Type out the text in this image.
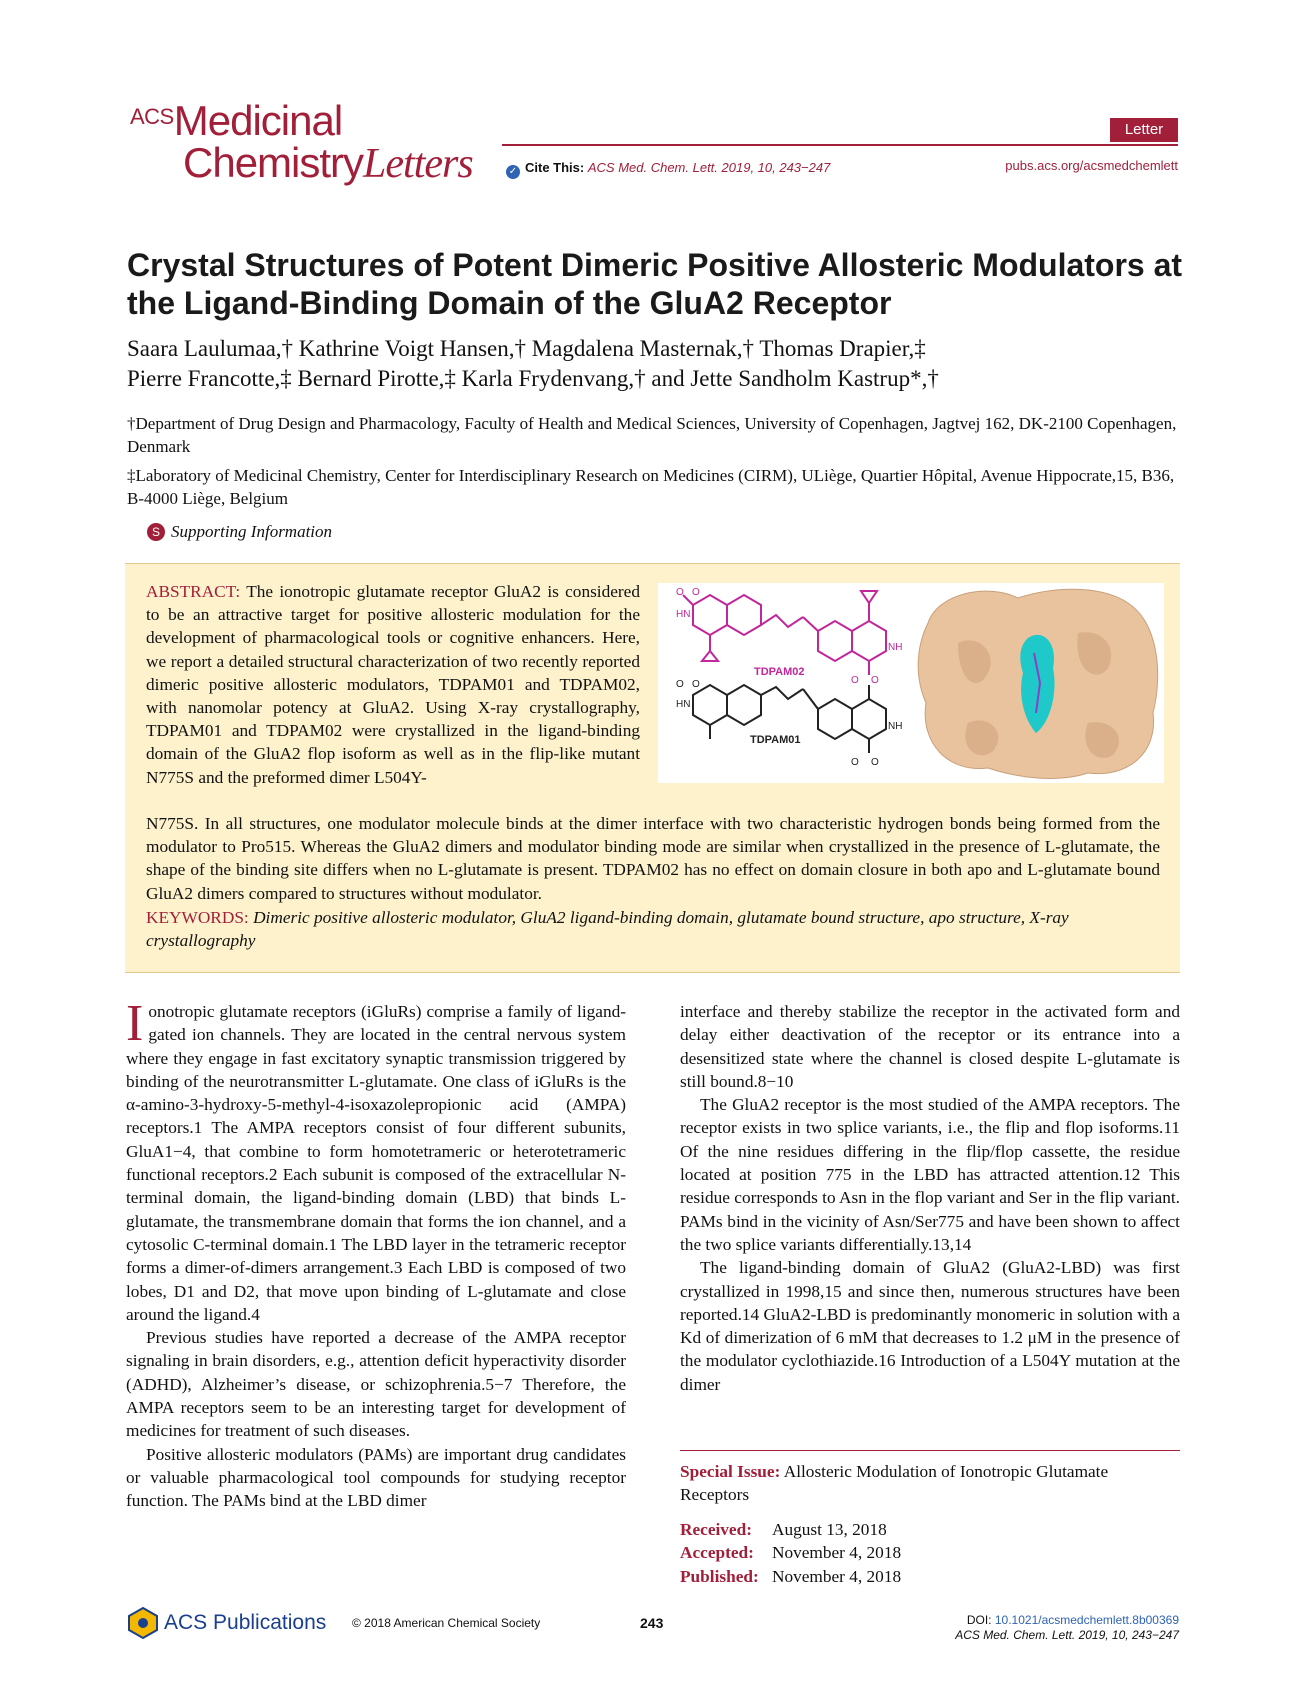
ACSMedicinal
ChemistryLetters
Letter
✓ Cite This: ACS Med. Chem. Lett. 2019, 10, 243−247	pubs.acs.org/acsmedchemlett
Crystal Structures of Potent Dimeric Positive Allosteric Modulators at the Ligand-Binding Domain of the GluA2 Receptor
Saara Laulumaa,† Kathrine Voigt Hansen,† Magdalena Masternak,† Thomas Drapier,‡
Pierre Francotte,‡ Bernard Pirotte,‡ Karla Frydenvang,† and Jette Sandholm Kastrup*,†
†Department of Drug Design and Pharmacology, Faculty of Health and Medical Sciences, University of Copenhagen, Jagtvej 162, DK-2100 Copenhagen, Denmark
‡Laboratory of Medicinal Chemistry, Center for Interdisciplinary Research on Medicines (CIRM), ULiège, Quartier Hôpital, Avenue Hippocrate,15, B36, B-4000 Liège, Belgium
S Supporting Information
ABSTRACT: The ionotropic glutamate receptor GluA2 is considered to be an attractive target for positive allosteric modulation for the development of pharmacological tools or cognitive enhancers. Here, we report a detailed structural characterization of two recently reported dimeric positive allosteric modulators, TDPAM01 and TDPAM02, with nanomolar potency at GluA2. Using X-ray crystallography, TDPAM01 and TDPAM02 were crystallized in the ligand-binding domain of the GluA2 flop isoform as well as in the flip-like mutant N775S and the preformed dimer L504Y-
O O
O O
NH
HN
TDPAM02
O O
O O
NH
HN
TDPAM01
N775S. In all structures, one modulator molecule binds at the dimer interface with two characteristic hydrogen bonds being formed from the modulator to Pro515. Whereas the GluA2 dimers and modulator binding mode are similar when crystallized in the presence of L-glutamate, the shape of the binding site differs when no L-glutamate is present. TDPAM02 has no effect on domain closure in both apo and L-glutamate bound GluA2 dimers compared to structures without modulator.
KEYWORDS: Dimeric positive allosteric modulator, GluA2 ligand-binding domain, glutamate bound structure, apo structure, X-ray crystallography

Ionotropic glutamate receptors (iGluRs) comprise a family of ligand-gated ion channels. They are located in the central nervous system where they engage in fast excitatory synaptic transmission triggered by binding of the neurotransmitter L-glutamate. One class of iGluRs is the α-amino-3-hydroxy-5-methyl-4-isoxazolepropionic acid (AMPA) receptors.1 The AMPA receptors consist of four different subunits, GluA1−4, that combine to form homotetrameric or heterotetrameric functional receptors.2 Each subunit is composed of the extracellular N-terminal domain, the ligand-binding domain (LBD) that binds L-glutamate, the transmembrane domain that forms the ion channel, and a cytosolic C-terminal domain.1 The LBD layer in the tetrameric receptor forms a dimer-of-dimers arrangement.3 Each LBD is composed of two lobes, D1 and D2, that move upon binding of L-glutamate and close around the ligand.4

Previous studies have reported a decrease of the AMPA receptor signaling in brain disorders, e.g., attention deficit hyperactivity disorder (ADHD), Alzheimer’s disease, or schizophrenia.5−7 Therefore, the AMPA receptors seem to be an interesting target for development of medicines for treatment of such diseases.

Positive allosteric modulators (PAMs) are important drug candidates or valuable pharmacological tool compounds for studying receptor function. The PAMs bind at the LBD dimer

interface and thereby stabilize the receptor in the activated form and delay either deactivation of the receptor or its entrance into a desensitized state where the channel is closed despite L-glutamate is still bound.8−10

The GluA2 receptor is the most studied of the AMPA receptors. The receptor exists in two splice variants, i.e., the flip and flop isoforms.11 Of the nine residues differing in the flip/flop cassette, the residue located at position 775 in the LBD has attracted attention.12 This residue corresponds to Asn in the flop variant and Ser in the flip variant. PAMs bind in the vicinity of Asn/Ser775 and have been shown to affect the two splice variants differentially.13,14

The ligand-binding domain of GluA2 (GluA2-LBD) was first crystallized in 1998,15 and since then, numerous structures have been reported.14 GluA2-LBD is predominantly monomeric in solution with a Kd of dimerization of 6 mM that decreases to 1.2 μM in the presence of the modulator cyclothiazide.16 Introduction of a L504Y mutation at the dimer

Special Issue: Allosteric Modulation of Ionotropic Glutamate Receptors
Received: August 13, 2018
Accepted: November 4, 2018
Published: November 4, 2018
ACS Publications © 2018 American Chemical Society	243	DOI: 10.1021/acsmedchemlett.8b00369
ACS Med. Chem. Lett. 2019, 10, 243−247
